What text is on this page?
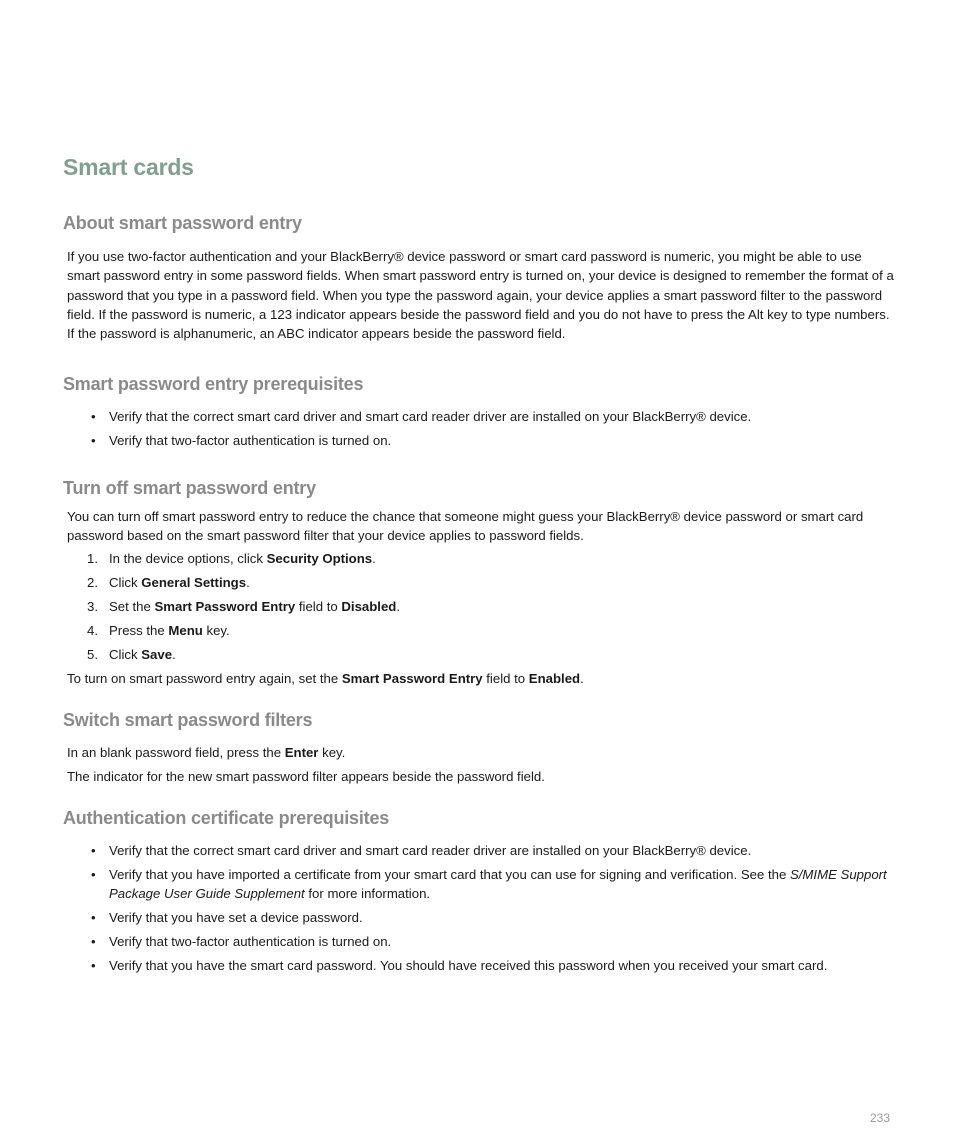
Smart cards
About smart password entry

If you use two-factor authentication and your BlackBerry® device password or smart card password is numeric, you might be able to use smart password entry in some password fields. When smart password entry is turned on, your device is designed to remember the format of a password that you type in a password field. When you type the password again, your device applies a smart password filter to the password field. If the password is numeric, a 123 indicator appears beside the password field and you do not have to press the Alt key to type numbers. If the password is alphanumeric, an ABC indicator appears beside the password field.

Smart password entry prerequisites
• Verify that the correct smart card driver and smart card reader driver are installed on your BlackBerry® device.
• Verify that two-factor authentication is turned on.
Turn off smart password entry

You can turn off smart password entry to reduce the chance that someone might guess your BlackBerry® device password or smart card password based on the smart password filter that your device applies to password fields.

1. In the device options, click Security Options.
2. Click General Settings.
3. Set the Smart Password Entry field to Disabled.
4. Press the Menu key.
5. Click Save.

To turn on smart password entry again, set the Smart Password Entry field to Enabled.

Switch smart password filters

In an blank password field, press the Enter key.

The indicator for the new smart password filter appears beside the password field.

Authentication certificate prerequisites
• Verify that the correct smart card driver and smart card reader driver are installed on your BlackBerry® device.
• Verify that you have imported a certificate from your smart card that you can use for signing and verification. See the S/MIME Support Package User Guide Supplement for more information.
• Verify that you have set a device password.
• Verify that two-factor authentication is turned on.
• Verify that you have the smart card password. You should have received this password when you received your smart card.
233
